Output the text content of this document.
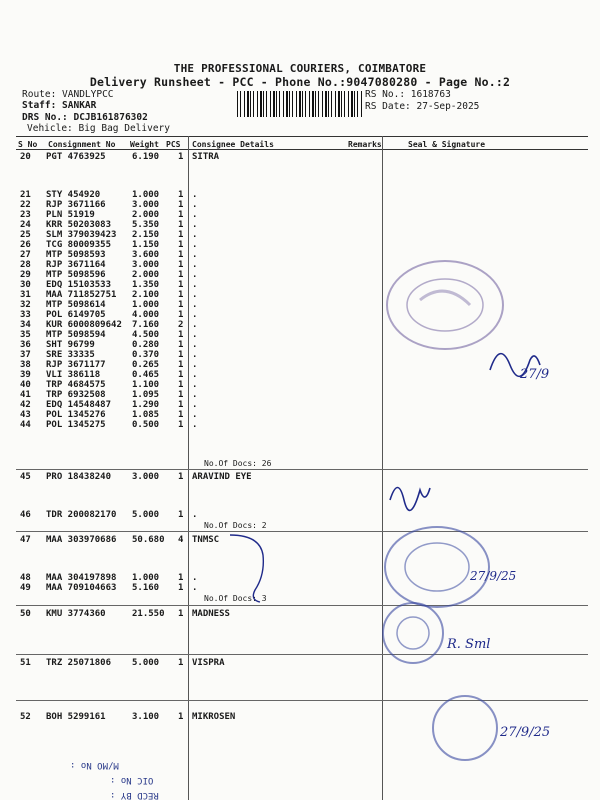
THE PROFESSIONAL COURIERS, COIMBATORE
Delivery Runsheet - PCC - Phone No.:9047080280 - Page No.:2
Route: VANDLYPCC
Staff: SANKAR
DRS No.: DCJB161876302
Vehicle: Big Bag Delivery
RS No.: 1618763
RS Date: 27-Sep-2025
S No Consignment No Weight PCS Consignee Details	Remarks	Seal & Signature
20 PGT 4763925	6.190 1 SITRA
21 STY 454920	1.000 1 .
22 RJP 3671166	3.000 1 .
23 PLN 51919	2.000 1 .
24 KRR 50203083 5.350 1 .
25 SLM 379039423 2.150 1 .
26 TCG 80009355 1.150 1 .
27 MTP 5098593	3.600 1 .
28 RJP 3671164	3.000 1 .
29 MTP 5098596	2.000 1 .
30 EDQ 15103533 1.350 1 .
31 MAA 711852751 2.100 1 .
32 MTP 5098614	1.000 1 .
33 POL 6149705	4.000 1 .
34 KUR 6000809642 7.160 2 .
35 MTP 5098594	4.500 1 .
36 SHT 96799	0.280 1 .
37 SRE 33335	0.370 1 .
38 RJP 3671177	0.265 1 .
39 VLI 386118	0.465 1 .
40 TRP 4684575	1.100 1 .
41 TRP 6932508	1.095 1 .
42 EDQ 14548487 1.290 1 .
43 POL 1345276	1.085 1 .
44 POL 1345275	0.500 1 .
No.Of Docs: 26
45 PRO 18438240 3.000 1 ARAVIND EYE
46 TDR 200082170 5.000 1 .
No.Of Docs: 2
47 MAA 303970686 50.680 4 TNMSC
48 MAA 304197898 1.000 1 .
49 MAA 709104663 5.160 1 .
No.Of Docs: 3
50 KMU 3774360	21.550 1 MADNESS
51 TRZ 25071806 5.000 1 VISPRA
52 BOH 5299161	3.100 1 MIKROSEN
27/9
27/9/25
R. Sml
27/9/25
M/MO No :
OIC No :
RECD BY :
